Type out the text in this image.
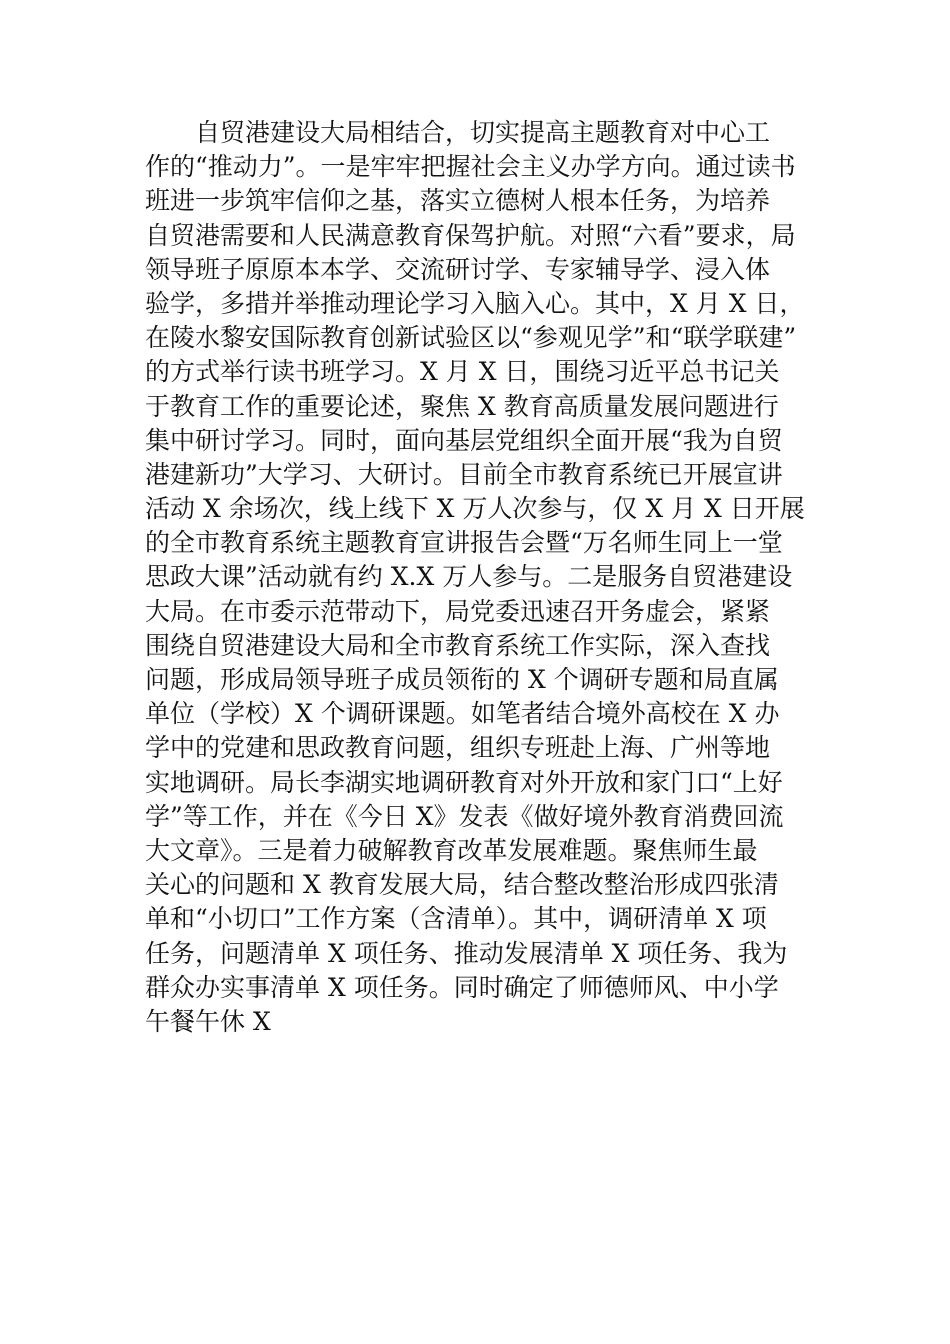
自贸港建设大局相结合，切实提高主题教育对中心工
作的“推动力”。一是牢牢把握社会主义办学方向。通过读书
班进一步筑牢信仰之基，落实立德树人根本任务，为培养
自贸港需要和人民满意教育保驾护航。对照“六看”要求，局
领导班子原原本本学、交流研讨学、专家辅导学、浸入体
验学，多措并举推动理论学习入脑入心。其中，X 月 X 日，
在陵水黎安国际教育创新试验区以“参观见学”和“联学联建”
的方式举行读书班学习。X 月 X 日，围绕习近平总书记关
于教育工作的重要论述，聚焦 X 教育高质量发展问题进行
集中研讨学习。同时，面向基层党组织全面开展“我为自贸
港建新功”大学习、大研讨。目前全市教育系统已开展宣讲
活动 X 余场次，线上线下 X 万人次参与，仅 X 月 X 日开展
的全市教育系统主题教育宣讲报告会暨“万名师生同上一堂
思政大课”活动就有约 X.X 万人参与。二是服务自贸港建设
大局。在市委示范带动下，局党委迅速召开务虚会，紧紧
围绕自贸港建设大局和全市教育系统工作实际，深入查找
问题，形成局领导班子成员领衔的 X 个调研专题和局直属
单位（学校）X 个调研课题。如笔者结合境外高校在 X 办
学中的党建和思政教育问题，组织专班赴上海、广州等地
实地调研。局长李湖实地调研教育对外开放和家门口“上好
学”等工作，并在《今日 X》发表《做好境外教育消费回流
大文章》。三是着力破解教育改革发展难题。聚焦师生最
关心的问题和 X 教育发展大局，结合整改整治形成四张清
单和“小切口”工作方案（含清单）。其中，调研清单 X 项
任务，问题清单 X 项任务、推动发展清单 X 项任务、我为
群众办实事清单 X 项任务。同时确定了师德师风、中小学
午餐午休 X
